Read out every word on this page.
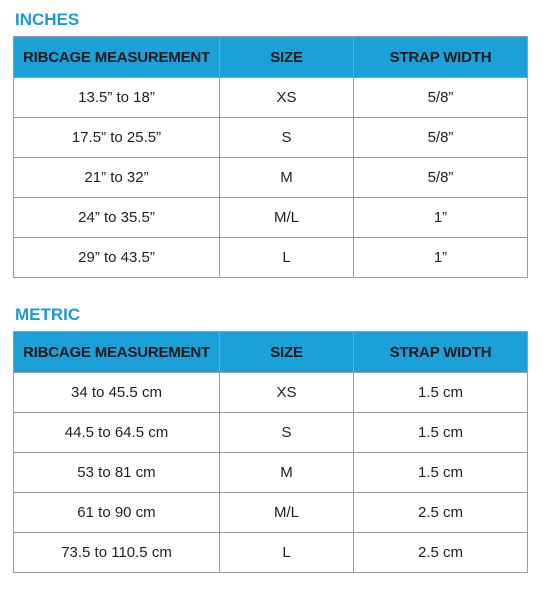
INCHES
RIBCAGE MEASUREMENT	SIZE	STRAP WIDTH
13.5” to 18”	XS	5/8”
17.5” to 25.5”	S	5/8”
21” to 32”	M	5/8”
24” to 35.5”	M/L	1”
29” to 43.5”	L	1”
METRIC
RIBCAGE MEASUREMENT	SIZE	STRAP WIDTH
34 to 45.5 cm	XS	1.5 cm
44.5 to 64.5 cm	S	1.5 cm
53 to 81 cm	M	1.5 cm
61 to 90 cm	M/L	2.5 cm
73.5 to 110.5 cm	L	2.5 cm
